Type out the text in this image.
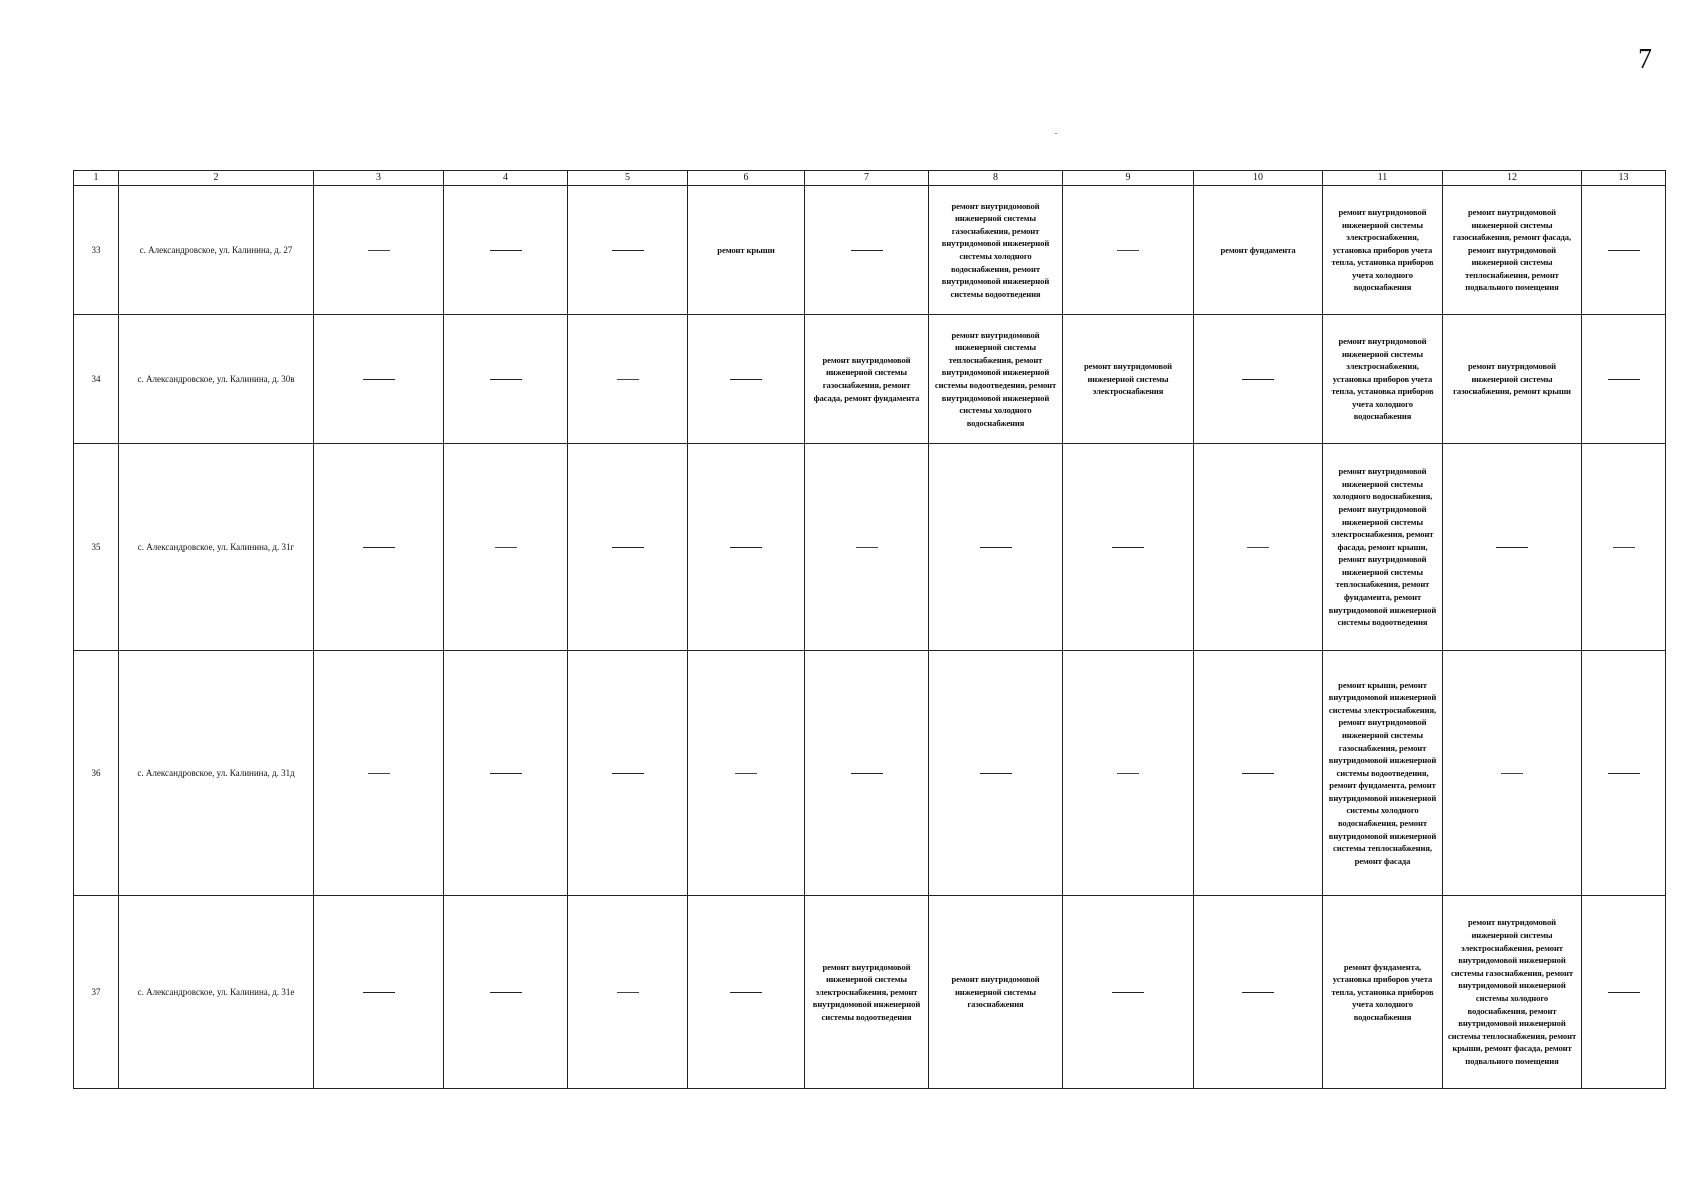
7
1	2	3	4	5	6	7	8	9	10	11	12	13
33	с. Александровское, ул. Калинина, д. 27				ремонт крыши		ремонт внутридомовой инженерной системы газоснабжения, ремонт внутридомовой инженерной системы холодного водоснабжения, ремонт внутридомовой инженерной системы водоотведения		ремонт фундамента	ремонт внутридомовой инженерной системы электроснабжения, установка приборов учета тепла, установка приборов учета холодного водоснабжения	ремонт внутридомовой инженерной системы газоснабжения, ремонт фасада, ремонт внутридомовой инженерной системы теплоснабжения, ремонт подвального помещения	
34	с. Александровское, ул. Калинина, д. 30в					ремонт внутридомовой инженерной системы газоснабжения, ремонт фасада, ремонт фундамента	ремонт внутридомовой инженерной системы теплоснабжения, ремонт внутридомовой инженерной системы водоотведения, ремонт внутридомовой инженерной системы холодного водоснабжения	ремонт внутридомовой инженерной системы электроснабжения		ремонт внутридомовой инженерной системы электроснабжения, установка приборов учета тепла, установка приборов учета холодного водоснабжения	ремонт внутридомовой инженерной системы газоснабжения, ремонт крыши	
35	с. Александровское, ул. Калинина, д. 31г									ремонт внутридомовой инженерной системы холодного водоснабжения, ремонт внутридомовой инженерной системы электроснабжения, ремонт фасада, ремонт крыши, ремонт внутридомовой инженерной системы теплоснабжения, ремонт фундамента, ремонт внутридомовой инженерной системы водоотведения		
36	с. Александровское, ул. Калинина, д. 31д									ремонт крыши, ремонт внутридомовой инженерной системы электроснабжения, ремонт внутридомовой инженерной системы газоснабжения, ремонт внутридомовой инженерной системы водоотведения, ремонт фундамента, ремонт внутридомовой инженерной системы холодного водоснабжения, ремонт внутридомовой инженерной системы теплоснабжения, ремонт фасада		
37	с. Александровское, ул. Калинина, д. 31е					ремонт внутридомовой инженерной системы электроснабжения, ремонт внутридомовой инженерной системы водоотведения	ремонт внутридомовой инженерной системы газоснабжения			ремонт фундамента, установка приборов учета тепла, установка приборов учета холодного водоснабжения	ремонт внутридомовой инженерной системы электроснабжения, ремонт внутридомовой инженерной системы газоснабжения, ремонт внутридомовой инженерной системы холодного водоснабжения, ремонт внутридомовой инженерной системы теплоснабжения, ремонт крыши, ремонт фасада, ремонт подвального помещения	
